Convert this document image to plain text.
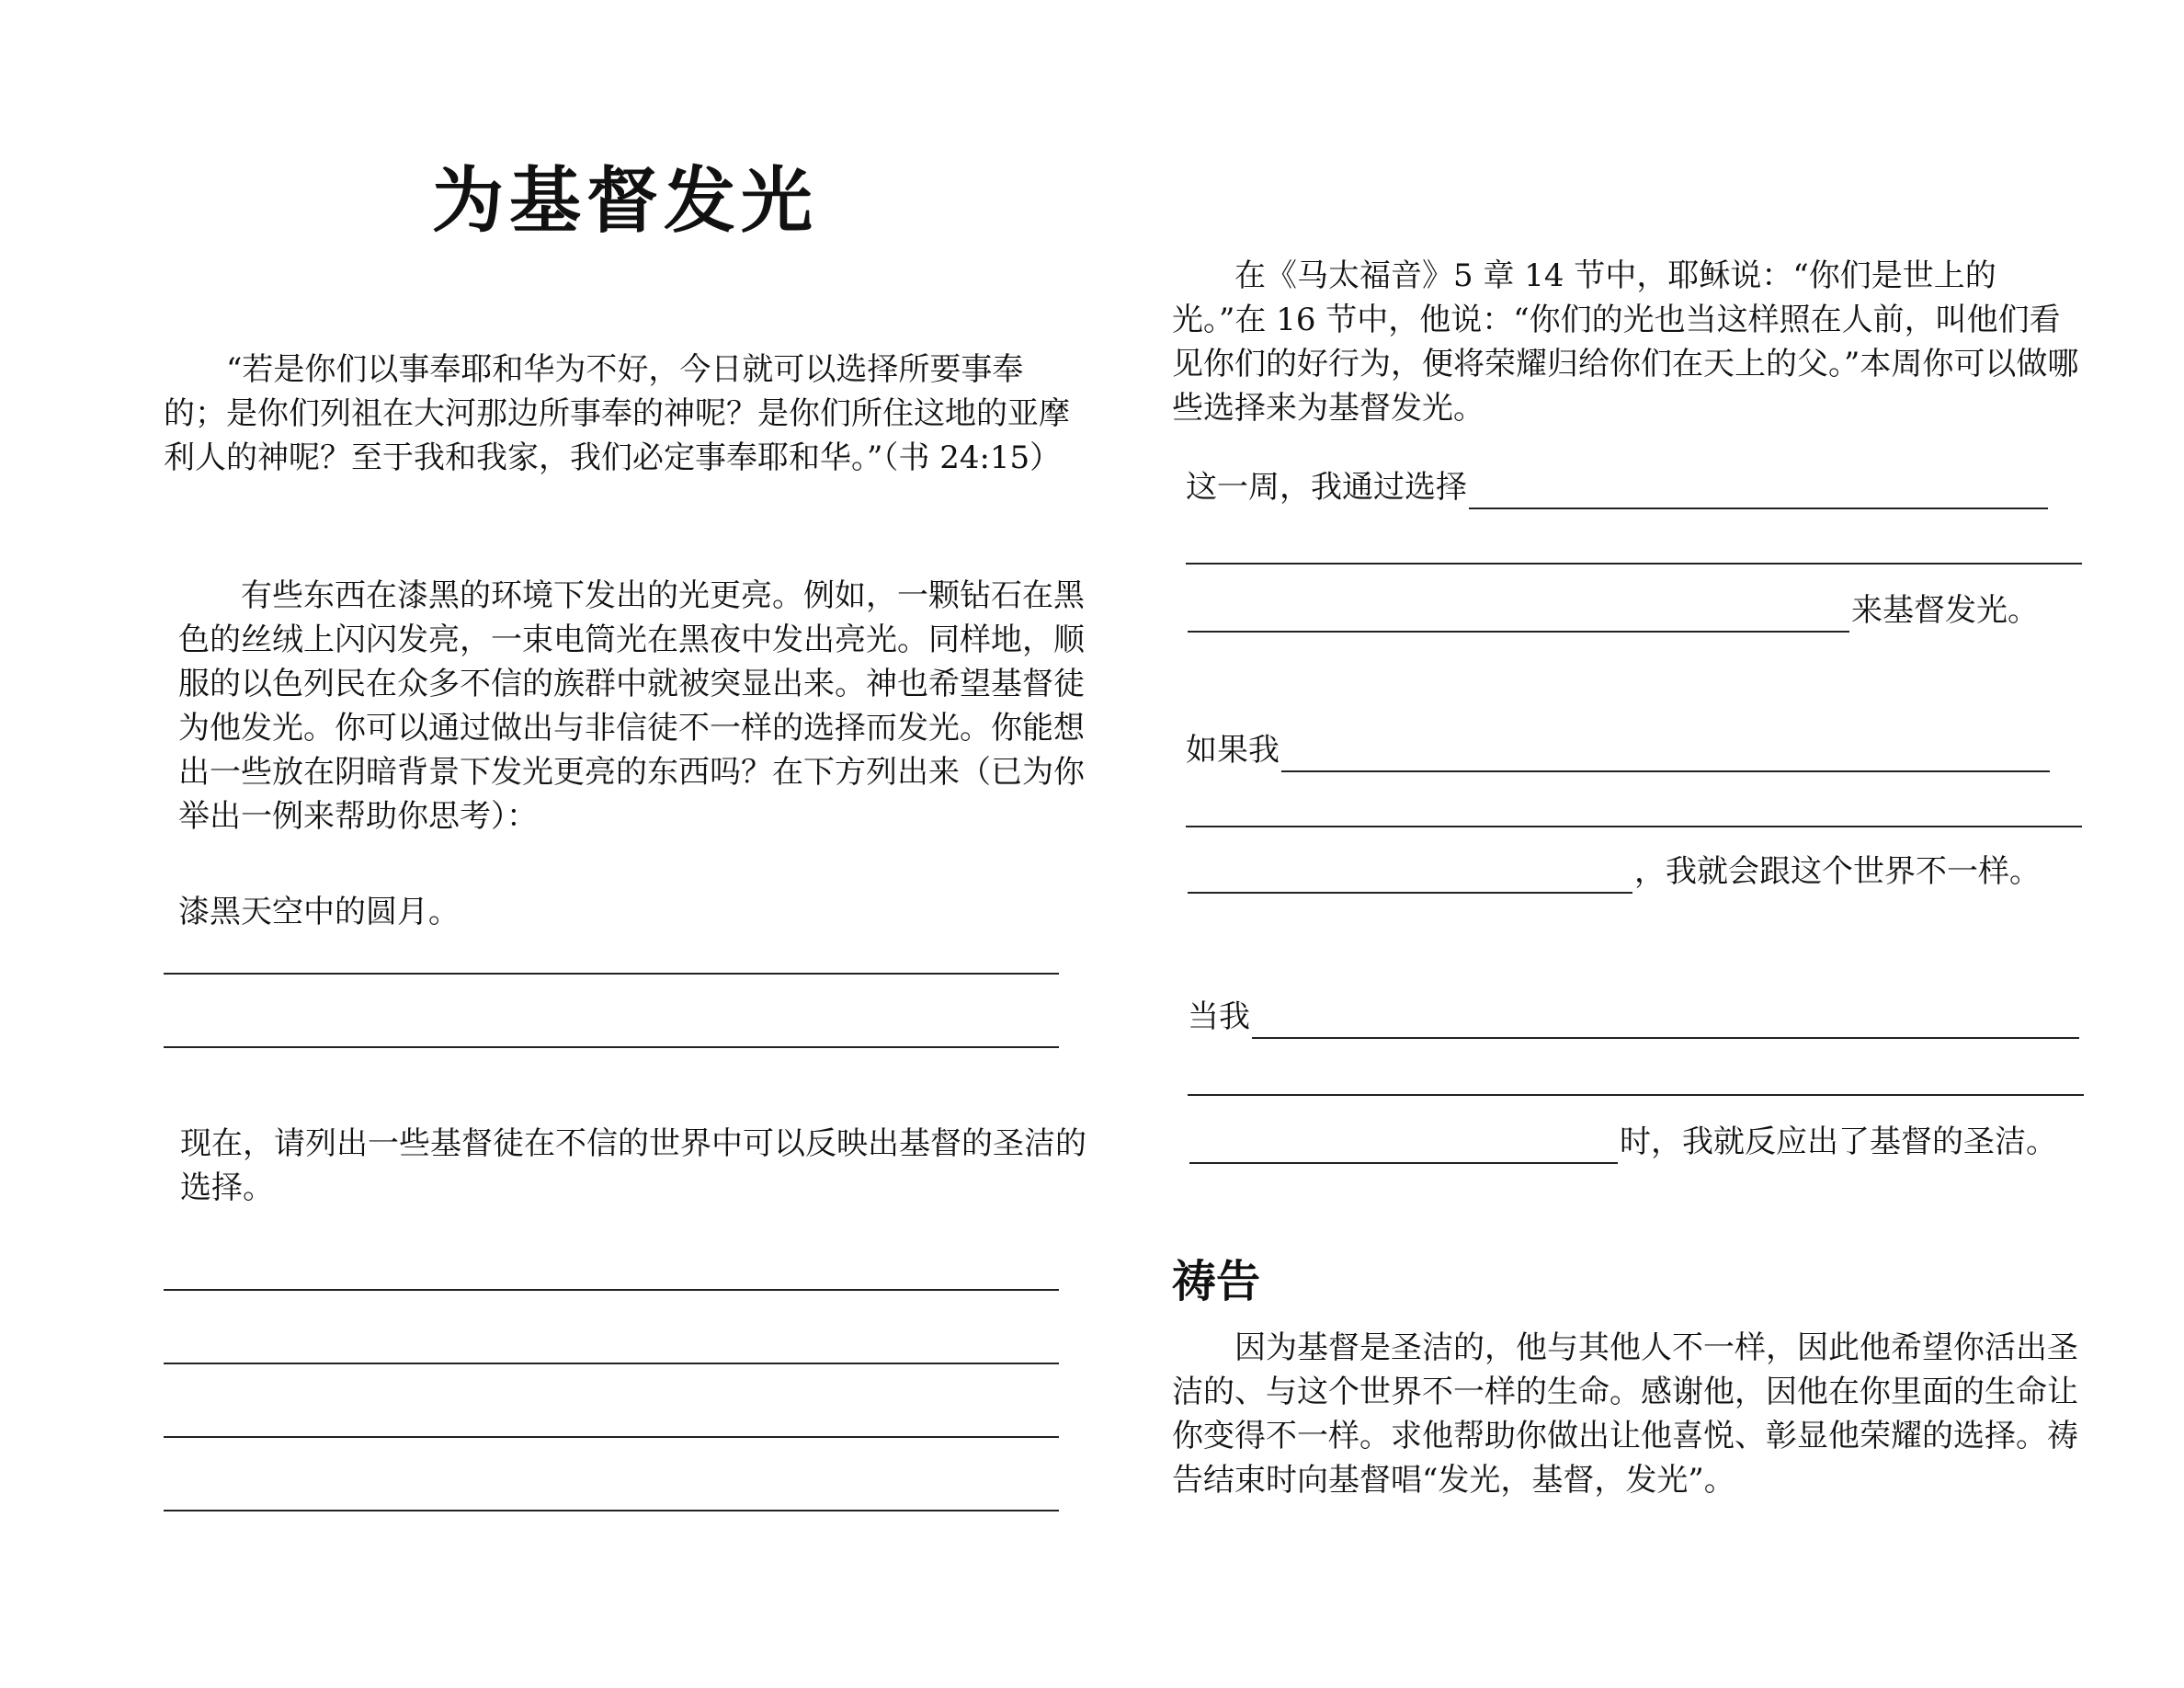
为基督发光

“若是你们以事奉耶和华为不好，今日就可以选择所要事奉的；是你们列祖在大河那边所事奉的神呢？是你们所住这地的亚摩利人的神呢？至于我和我家，我们必定事奉耶和华。”（书 24:15）

有些东西在漆黑的环境下发出的光更亮。例如，一颗钻石在黑色的丝绒上闪闪发亮，一束电筒光在黑夜中发出亮光。同样地，顺服的以色列民在众多不信的族群中就被突显出来。神也希望基督徒为他发光。你可以通过做出与非信徒不一样的选择而发光。你能想出一些放在阴暗背景下发光更亮的东西吗？在下方列出来（已为你举出一例来帮助你思考）：

漆黑天空中的圆月。

现在，请列出一些基督徒在不信的世界中可以反映出基督的圣洁的选择。

在《马太福音》5 章 14 节中，耶稣说：“你们是世上的光。”在 16 节中，他说：“你们的光也当这样照在人前，叫他们看见你们的好行为，便将荣耀归给你们在天上的父。”本周你可以做哪些选择来为基督发光。

这一周，我通过选择
来基督发光。
如果我
，我就会跟这个世界不一样。
当我
时，我就反应出了基督的圣洁。
祷告

因为基督是圣洁的，他与其他人不一样，因此他希望你活出圣洁的、与这个世界不一样的生命。感谢他，因他在你里面的生命让你变得不一样。求他帮助你做出让他喜悦、彰显他荣耀的选择。祷告结束时向基督唱“发光，基督，发光”。
